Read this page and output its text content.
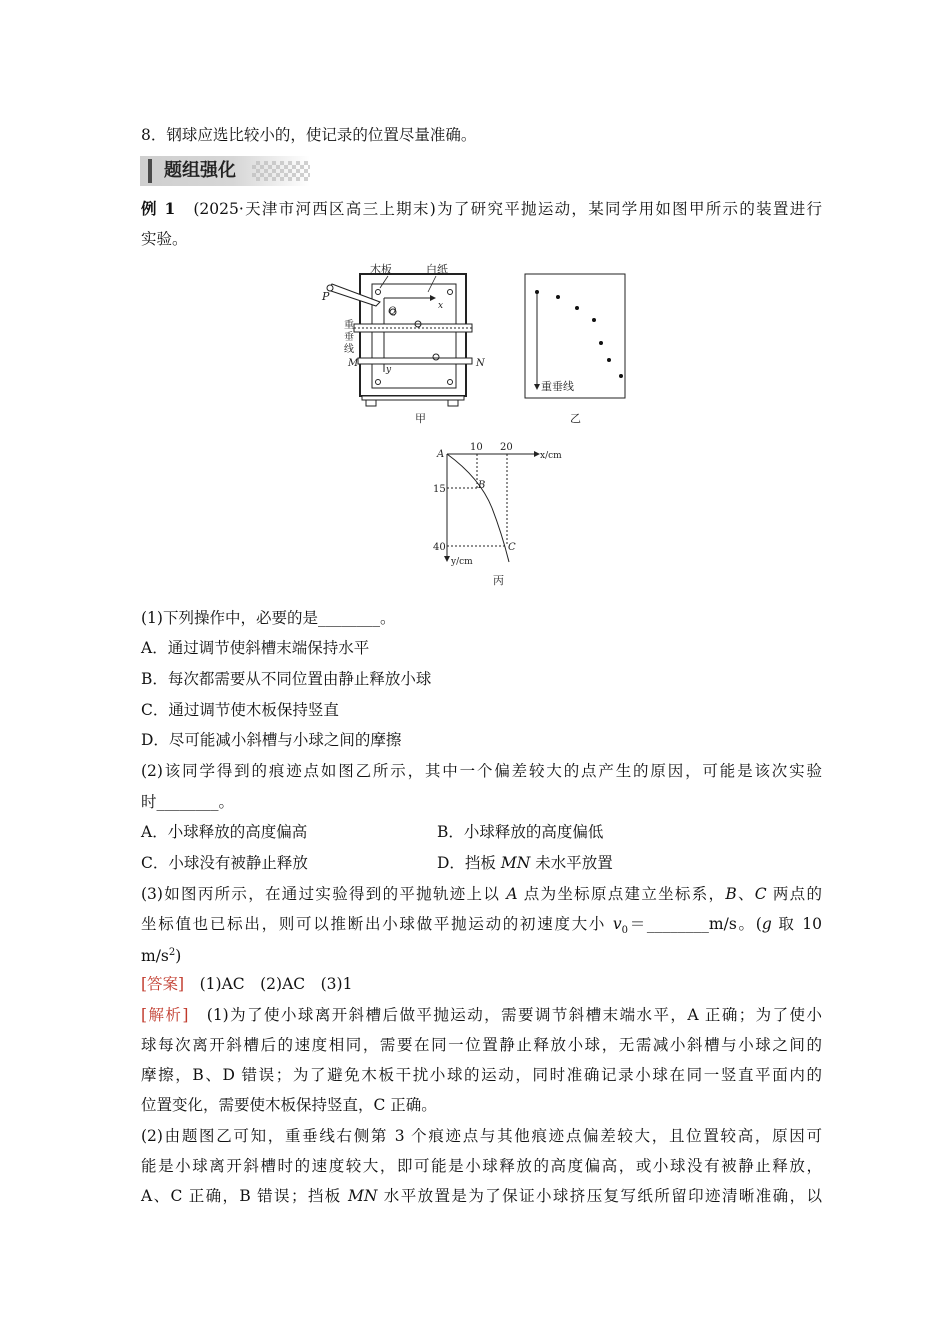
8．钢球应选比较小的，使记录的位置尽量准确。
题组强化
例 1　 (2025·天津市河西区高三上期末)为了研究平抛运动，某同学用如图甲所示的装置进行
实验。
木板	白纸
P
Q	x
y
重
垂
线
M	N
甲
重垂线
乙
A
B
C
10 20
x/cm
15
40
y/cm
丙
(1)下列操作中，必要的是________。
A．通过调节使斜槽末端保持水平
B．每次都需要从不同位置由静止释放小球
C．通过调节使木板保持竖直
D．尽可能减小斜槽与小球之间的摩擦
(2)该同学得到的痕迹点如图乙所示，其中一个偏差较大的点产生的原因，可能是该次实验
时________。
A．小球释放的高度偏高	B．小球释放的高度偏低
C．小球没有被静止释放	D．挡板 MN 未水平放置
(3)如图丙所示，在通过实验得到的平抛轨迹上以 A 点为坐标原点建立坐标系，B、C 两点的
坐标值也已标出，则可以推断出小球做平抛运动的初速度大小 $v_0=\_\_\_\_\_\_\_\_m/s$。(g 取 10
$m/s^2$)
[答案]　(1)AC　(2)AC　(3)1
[解析]　(1)为了使小球离开斜槽后做平抛运动，需要调节斜槽末端水平，A 正确；为了使小
球每次离开斜槽后的速度相同，需要在同一位置静止释放小球，无需减小斜槽与小球之间的
摩擦，B、D 错误；为了避免木板干扰小球的运动，同时准确记录小球在同一竖直平面内的
位置变化，需要使木板保持竖直，C 正确。
(2)由题图乙可知，重垂线右侧第 3 个痕迹点与其他痕迹点偏差较大，且位置较高，原因可
能是小球离开斜槽时的速度较大，即可能是小球释放的高度偏高，或小球没有被静止释放，
A、C 正确，B 错误；挡板 MN 水平放置是为了保证小球挤压复写纸所留印迹清晰准确，以
